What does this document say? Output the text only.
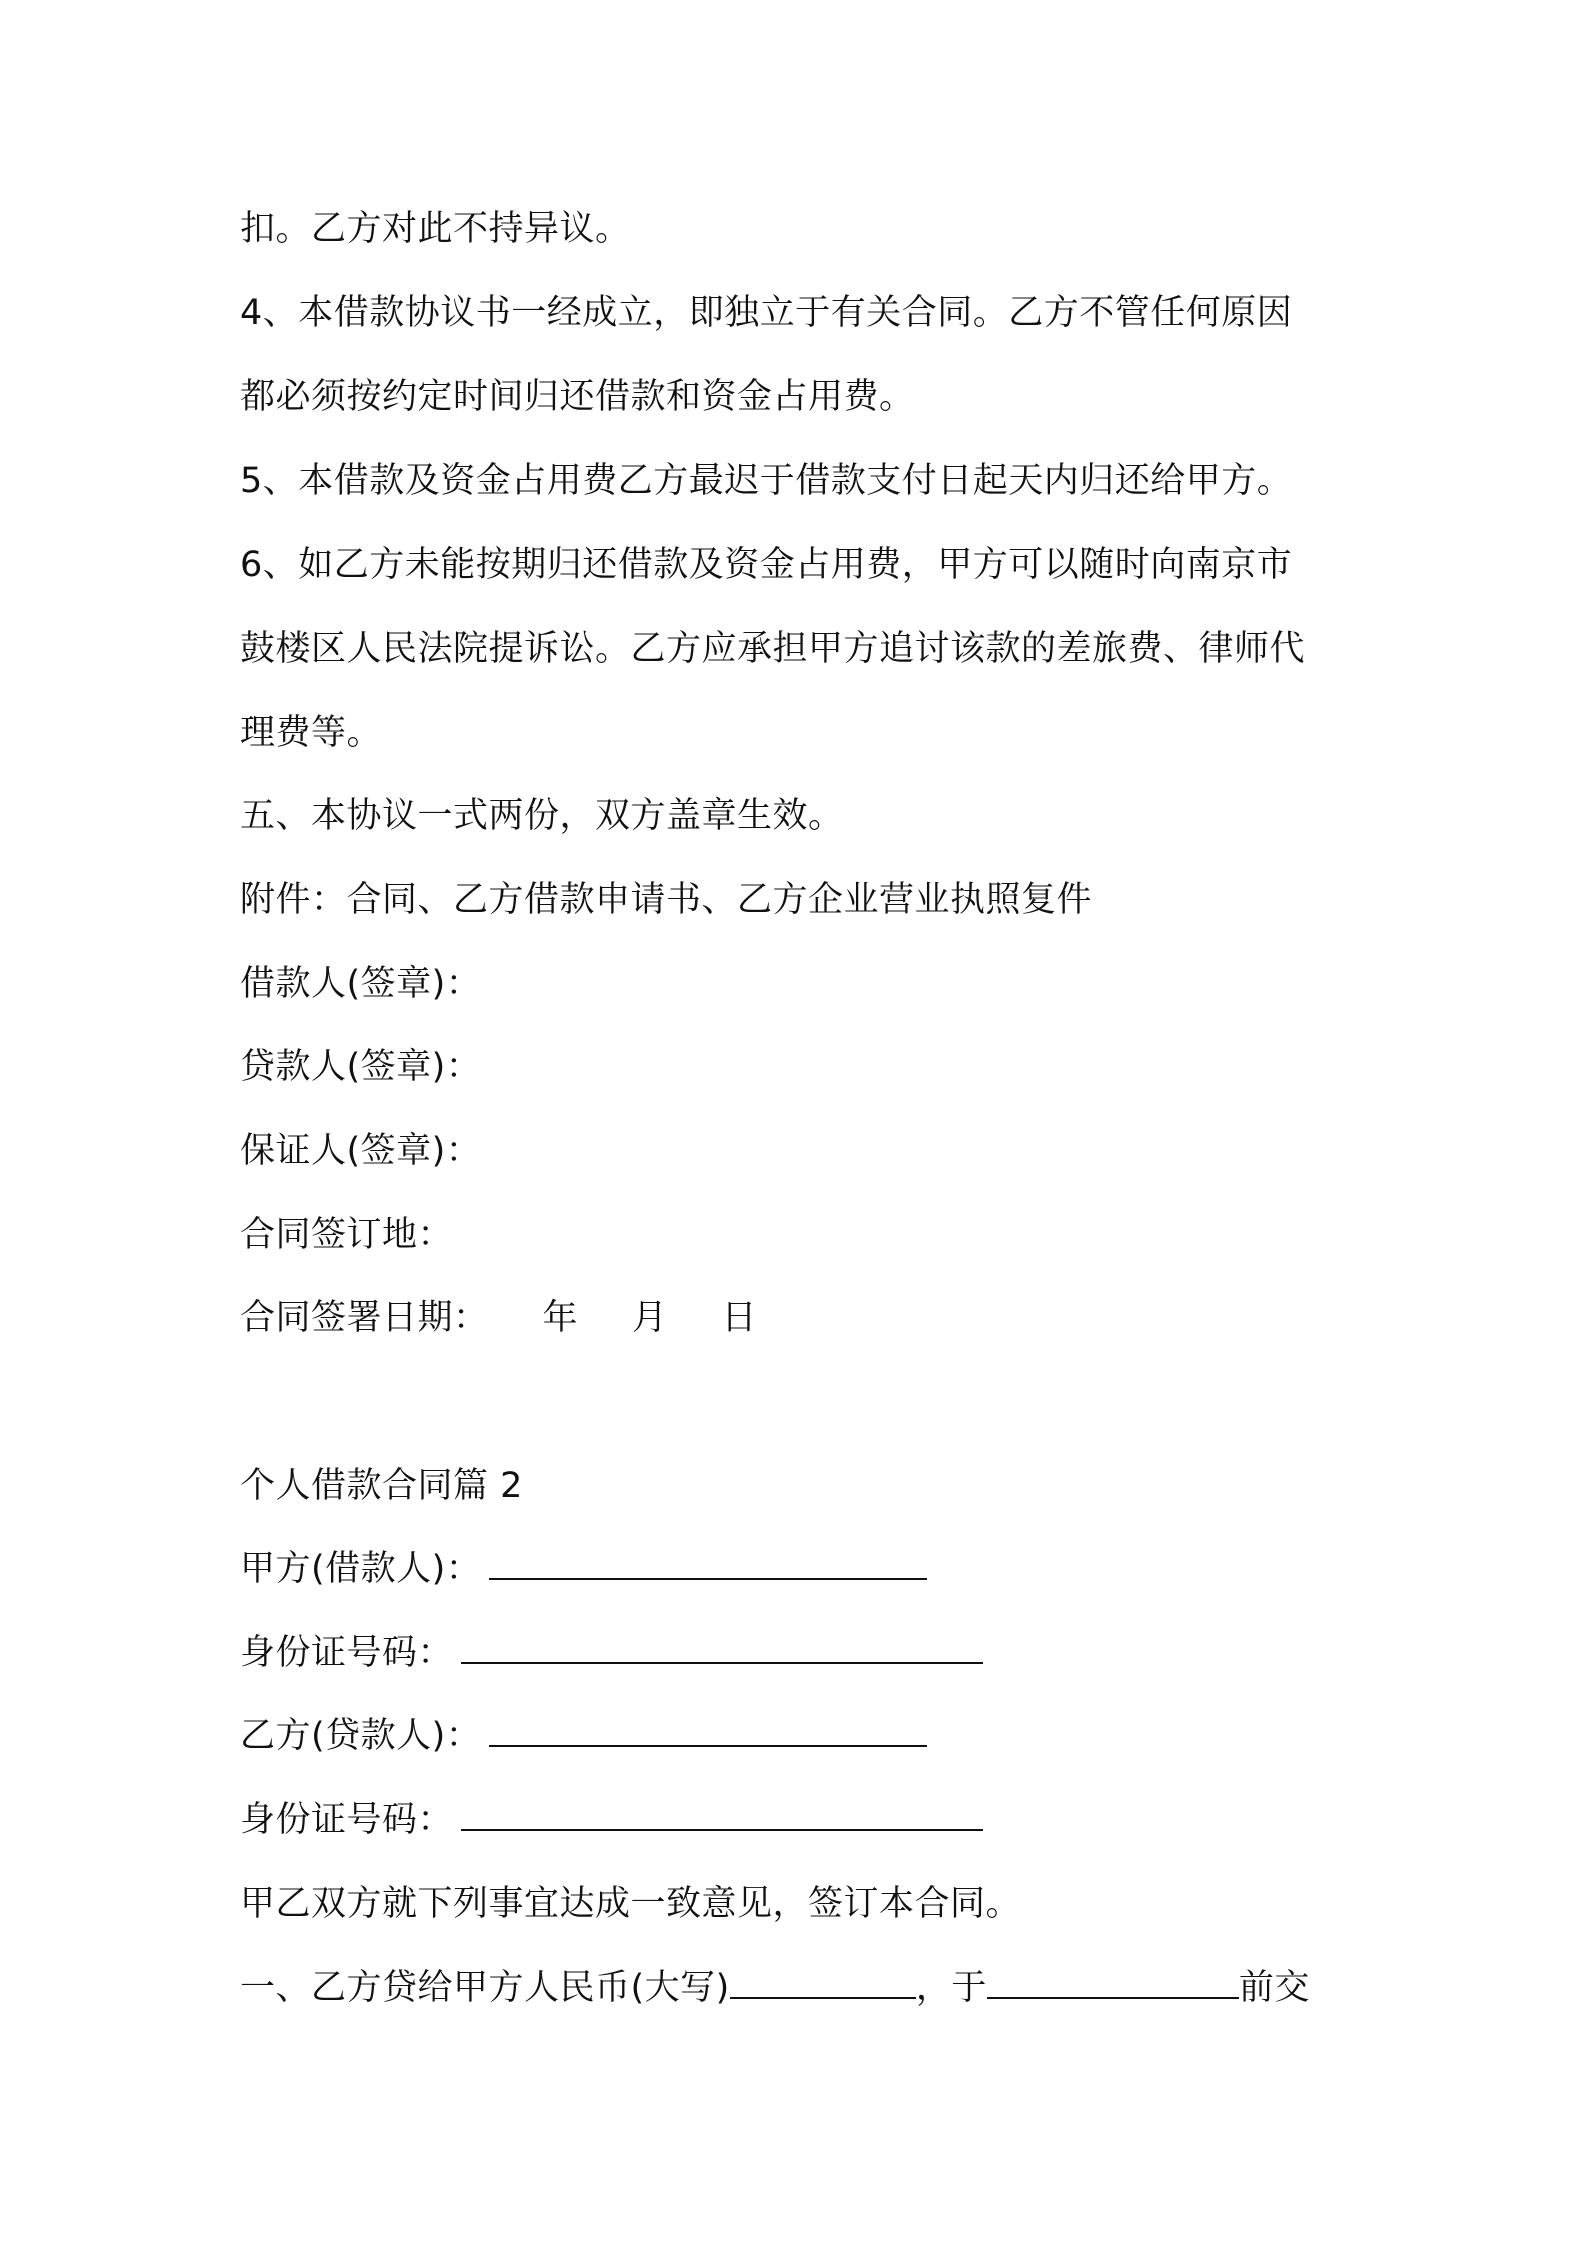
扣。乙方对此不持异议。
4、本借款协议书一经成立，即独立于有关合同。乙方不管任何原因
都必须按约定时间归还借款和资金占用费。
5、本借款及资金占用费乙方最迟于借款支付日起天内归还给甲方。
6、如乙方未能按期归还借款及资金占用费，甲方可以随时向南京市
鼓楼区人民法院提诉讼。乙方应承担甲方追讨该款的差旅费、律师代
理费等。
五、本协议一式两份，双方盖章生效。
附件：合同、乙方借款申请书、乙方企业营业执照复件
借款人(签章)：
贷款人(签章)：
保证人(签章)：
合同签订地：
合同签署日期： 年 月 日
个人借款合同篇 2
甲方(借款人)：
身份证号码：
乙方(贷款人)：
身份证号码：
甲乙双方就下列事宜达成一致意见，签订本合同。
一、乙方贷给甲方人民币(大写)	，于	前交
